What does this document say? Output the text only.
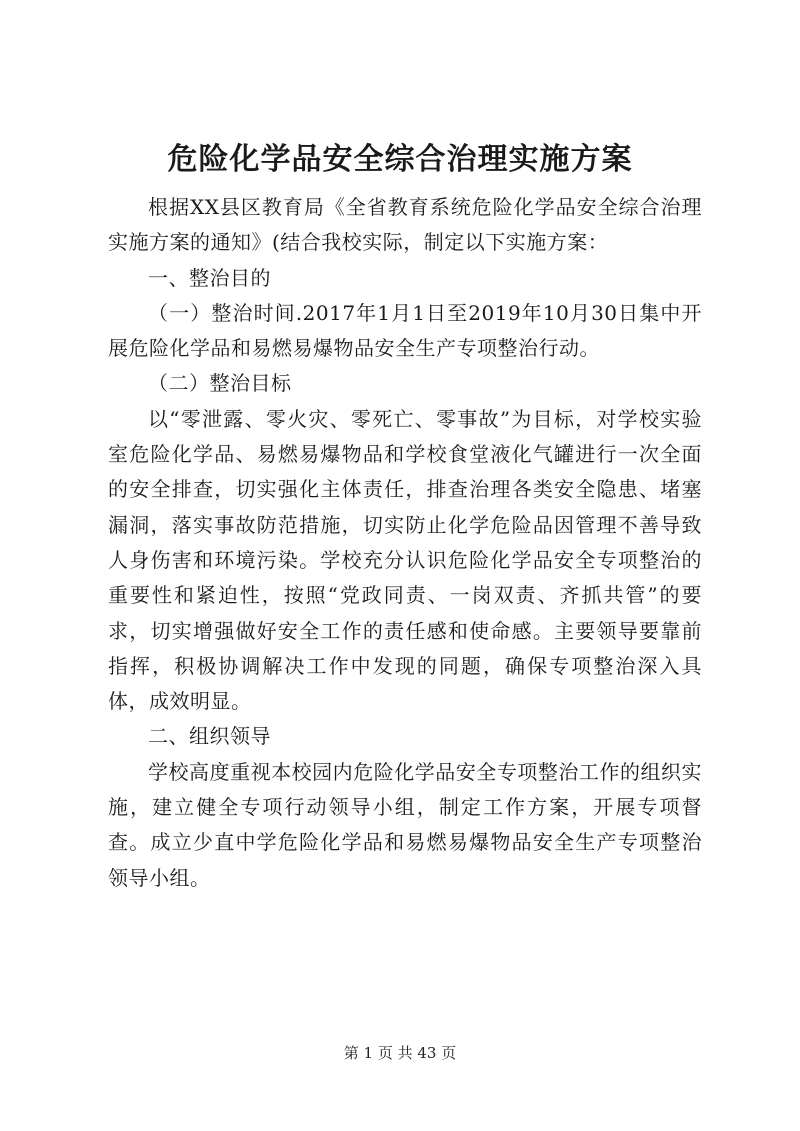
危险化学品安全综合治理实施方案

根据XX县区教育局《全省教育系统危险化学品安全综合治理实施方案的通知》(结合我校实际，制定以下实施方案：

一、整治目的

（一）整治时间.2017年1月1日至2019年10月30日集中开展危险化学品和易燃易爆物品安全生产专项整治行动。

（二）整治目标

以“零泄露、零火灾、零死亡、零事故”为目标，对学校实验室危险化学品、易燃易爆物品和学校食堂液化气罐进行一次全面的安全排查，切实强化主体责任，排查治理各类安全隐患、堵塞漏洞，落实事故防范措施，切实防止化学危险品因管理不善导致人身伤害和环境污染。学校充分认识危险化学品安全专项整治的重要性和紧迫性，按照“党政同责、一岗双责、齐抓共管”的要求，切实增强做好安全工作的责任感和使命感。主要领导要靠前指挥，积极协调解决工作中发现的同题，确保专项整治深入具体，成效明显。

二、组织领导

学校高度重视本校园内危险化学品安全专项整治工作的组织实施，建立健全专项行动领导小组，制定工作方案，开展专项督查。成立少直中学危险化学品和易燃易爆物品安全生产专项整治领导小组。

第 1 页 共 43 页
